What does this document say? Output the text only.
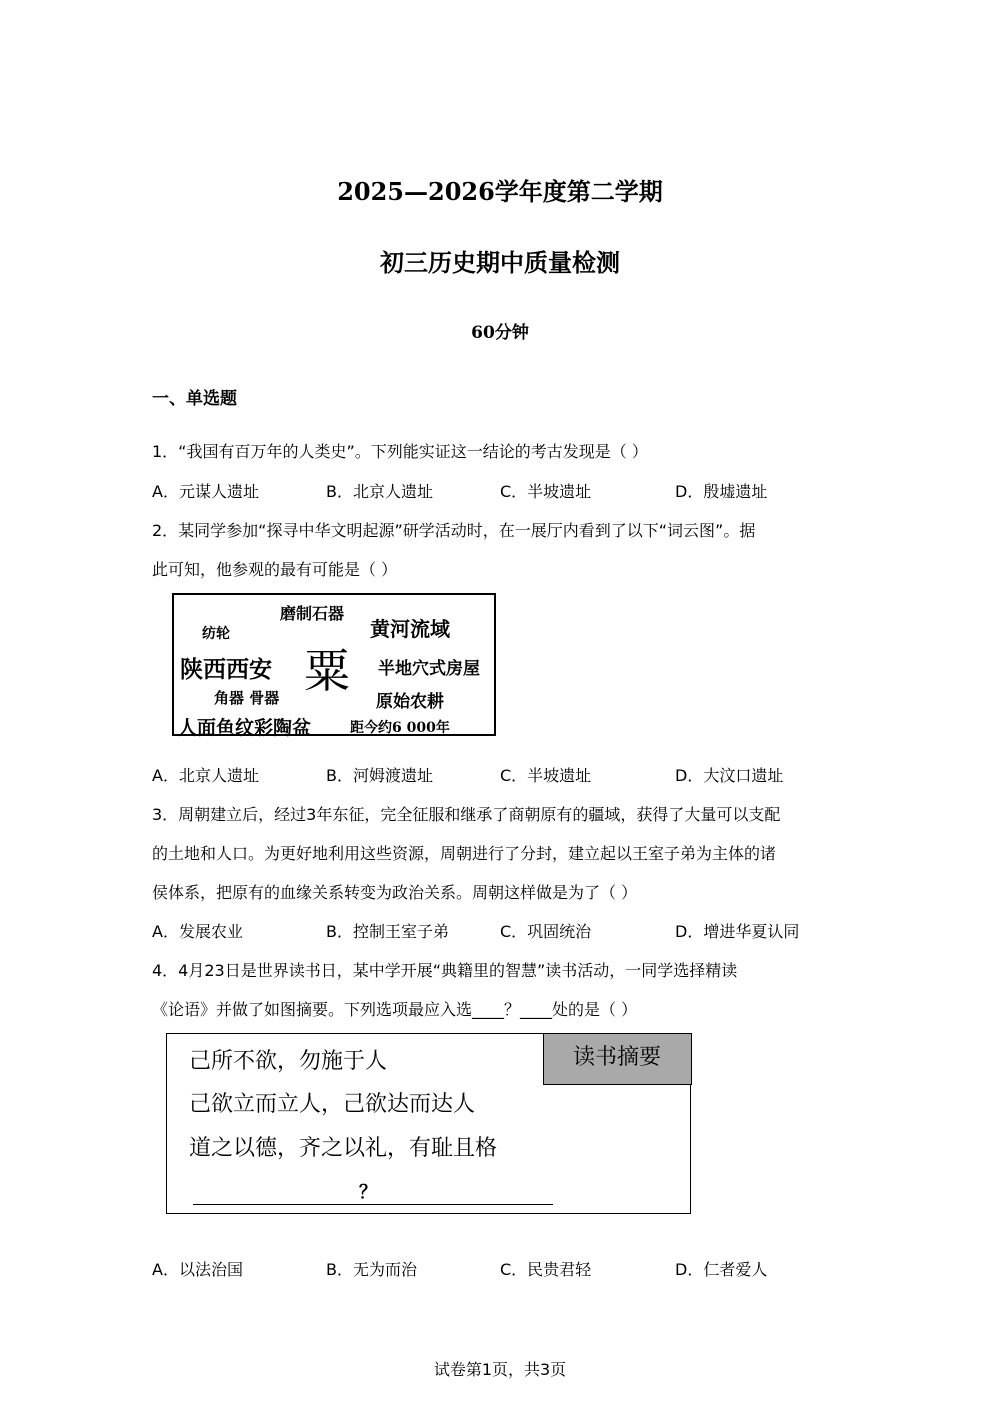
2025—2026学年度第二学期
初三历史期中质量检测
60分钟
一、单选题
1．“我国有百万年的人类史”。下列能实证这一结论的考古发现是（ ）
A．元谋人遗址	B．北京人遗址	C．半坡遗址	D．殷墟遗址
2．某同学参加“探寻中华文明起源”研学活动时，在一展厅内看到了以下“词云图”。据
此可知，他参观的最有可能是（ ）
磨制石器
纺轮	黄河流域
陕西西安 粟 半地穴式房屋
角器 骨器	原始农耕
人面鱼纹彩陶盆	距今约6 000年
A．北京人遗址	B．河姆渡遗址	C．半坡遗址	D．大汶口遗址
3．周朝建立后，经过3年东征，完全征服和继承了商朝原有的疆域，获得了大量可以支配
的土地和人口。为更好地利用这些资源，周朝进行了分封，建立起以王室子弟为主体的诸
侯体系，把原有的血缘关系转变为政治关系。周朝这样做是为了（ ）
A．发展农业	B．控制王室子弟	C．巩固统治	D．增进华夏认同
4．4月23日是世界读书日，某中学开展“典籍里的智慧”读书活动，一同学选择精读
《论语》并做了如图摘要。下列选项最应入选____？____处的是（ ）
读书摘要
己所不欲，勿施于人
己欲立而立人，己欲达而达人
道之以德，齐之以礼，有耻且格
？
A．以法治国	B．无为而治	C．民贵君轻	D．仁者爱人
试卷第1页，共3页
